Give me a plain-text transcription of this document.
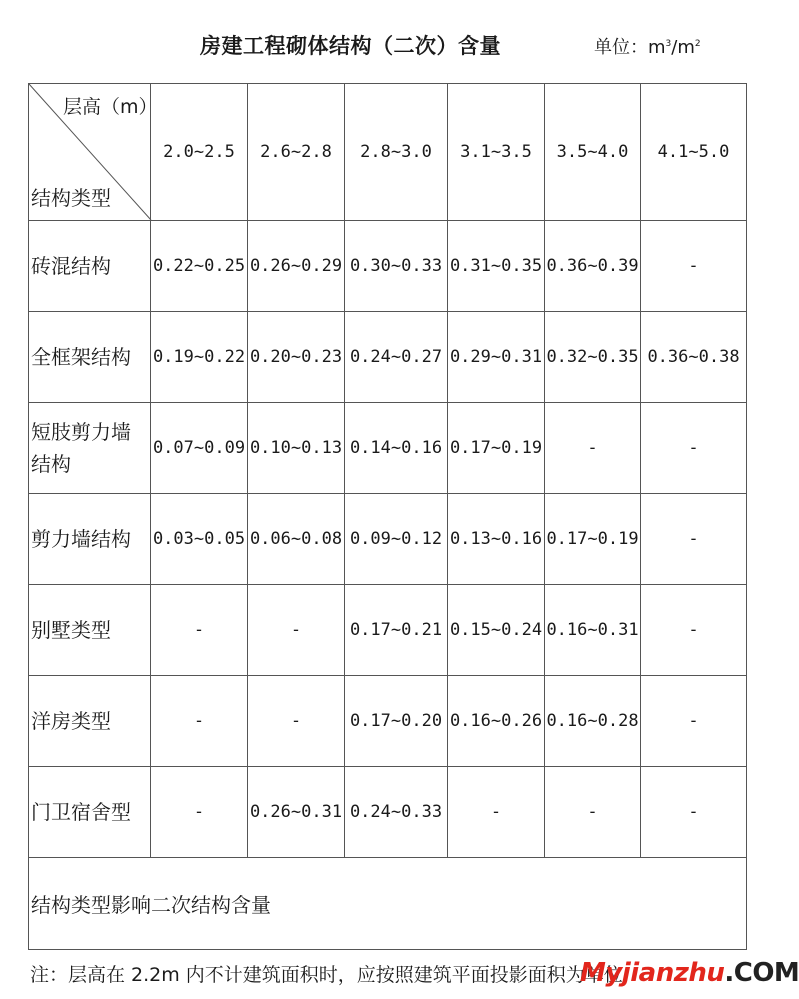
房建工程砌体结构（二次）含量	单位：$m^3/m^2$
层高（m）
结构类型	2.0~2.5	2.6~2.8	2.8~3.0	3.1~3.5	3.5~4.0	4.1~5.0
砖混结构	0.22~0.25	0.26~0.29	0.30~0.33	0.31~0.35	0.36~0.39	-
全框架结构	0.19~0.22	0.20~0.23	0.24~0.27	0.29~0.31	0.32~0.35	0.36~0.38
短肢剪力墙结构	0.07~0.09	0.10~0.13	0.14~0.16	0.17~0.19	-	-
剪力墙结构	0.03~0.05	0.06~0.08	0.09~0.12	0.13~0.16	0.17~0.19	-
别墅类型	-	-	0.17~0.21	0.15~0.24	0.16~0.31	-
洋房类型	-	-	0.17~0.20	0.16~0.26	0.16~0.28	-
门卫宿舍型	-	0.26~0.31	0.24~0.33	-	-	-
结构类型影响二次结构含量						
注：层高在 2.2m 内不计建筑面积时，应按照建筑平面投影面积为单位
Myjianzhu.COM
